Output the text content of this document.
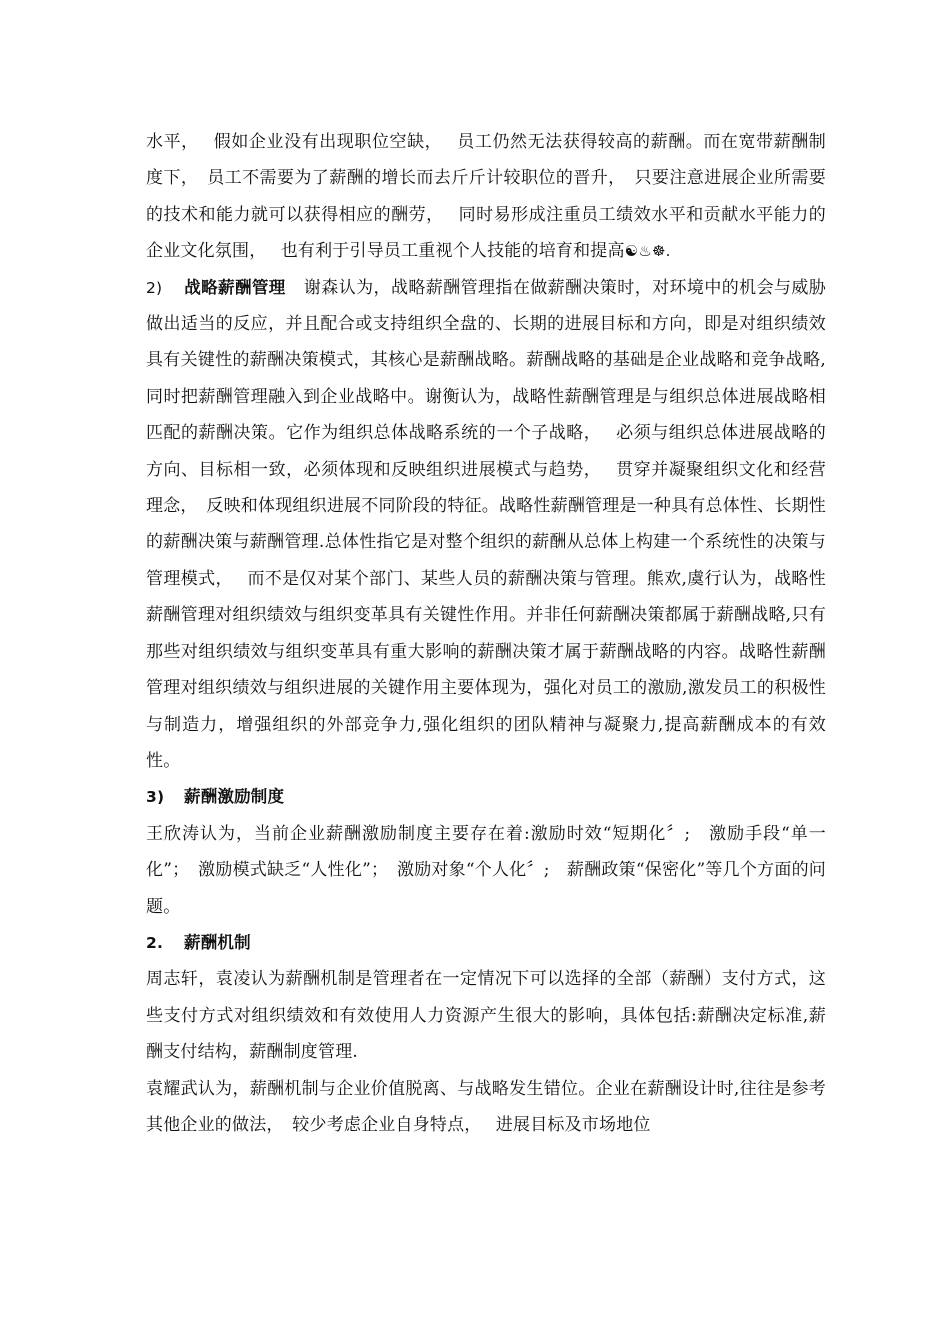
水平，　 假如企业没有出现职位空缺，　 员工仍然无法获得较高的薪酬。而在宽带薪酬制度下，　员工不需要为了薪酬的增长而去斤斤计较职位的晋升，　只要注意进展企业所需要的技术和能力就可以获得相应的酬劳，　 同时易形成注重员工绩效水平和贡献水平能力的企业文化氛围，　 也有利于引导员工重视个人技能的培育和提高☯♨☸.

2) 战略薪酬管理 谢森认为，战略薪酬管理指在做薪酬决策时，对环境中的机会与威胁做出适当的反应，并且配合或支持组织全盘的、长期的进展目标和方向，即是对组织绩效具有关键性的薪酬决策模式，其核心是薪酬战略。薪酬战略的基础是企业战略和竞争战略,同时把薪酬管理融入到企业战略中。谢衡认为，战略性薪酬管理是与组织总体进展战略相匹配的薪酬决策。它作为组织总体战略系统的一个子战略，　 必须与组织总体进展战略的方向、目标相一致，必须体现和反映组织进展模式与趋势，　 贯穿并凝聚组织文化和经营理念，　反映和体现组织进展不同阶段的特征。战略性薪酬管理是一种具有总体性、长期性的薪酬决策与薪酬管理.总体性指它是对整个组织的薪酬从总体上构建一个系统性的决策与管理模式，　 而不是仅对某个部门、某些人员的薪酬决策与管理。熊欢,虞行认为，战略性薪酬管理对组织绩效与组织变革具有关键性作用。并非任何薪酬决策都属于薪酬战略,只有那些对组织绩效与组织变革具有重大影响的薪酬决策才属于薪酬战略的内容。战略性薪酬管理对组织绩效与组织进展的关键作用主要体现为，强化对员工的激励,激发员工的积极性与制造力，增强组织的外部竞争力,强化组织的团队精神与凝聚力,提高薪酬成本的有效性。

3) 薪酬激励制度

王欣涛认为，当前企业薪酬激励制度主要存在着:激励时效“短期化〞;　激励手段“单一化”；　激励模式缺乏“人性化”；　激励对象“个人化〞;　薪酬政策“保密化”等几个方面的问题。

2. 薪酬机制

周志轩，袁凌认为薪酬机制是管理者在一定情况下可以选择的全部（薪酬）支付方式，这些支付方式对组织绩效和有效使用人力资源产生很大的影响，具体包括:薪酬决定标准,薪酬支付结构，薪酬制度管理.

袁耀武认为，薪酬机制与企业价值脱离、与战略发生错位。企业在薪酬设计时,往往是参考其他企业的做法，　较少考虑企业自身特点，　 进展目标及市场地位
